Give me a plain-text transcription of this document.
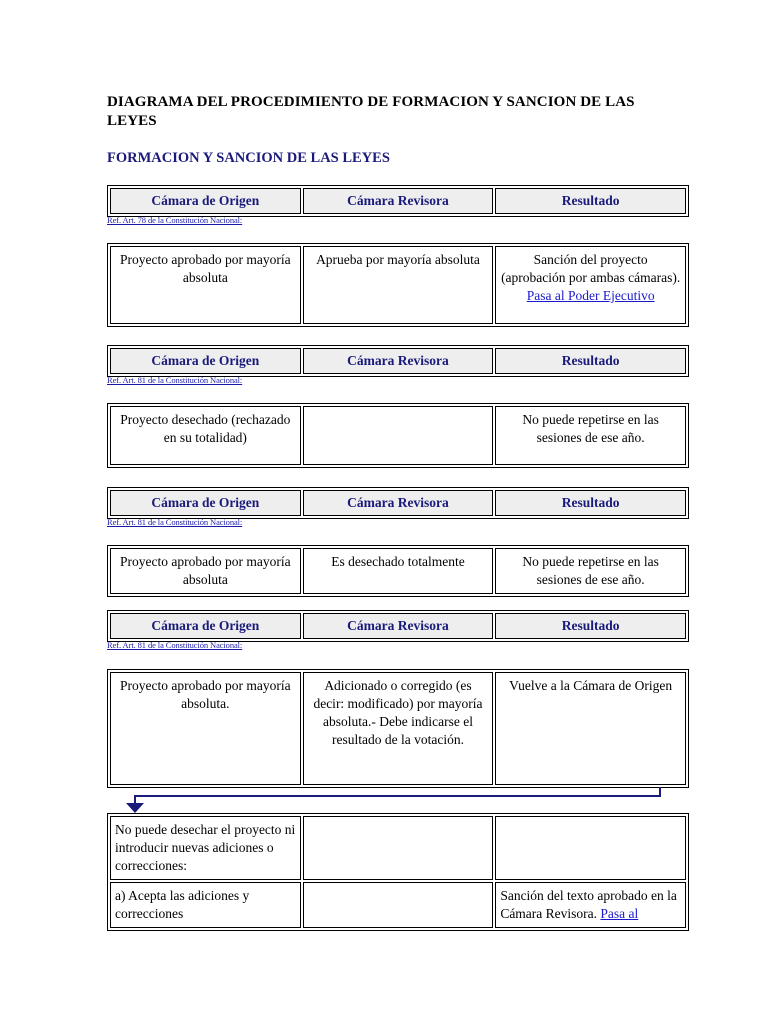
DIAGRAMA DEL PROCEDIMIENTO DE FORMACION Y SANCION DE LAS LEYES
FORMACION Y SANCION DE LAS LEYES
Cámara de Origen	Cámara Revisora	Resultado
Ref. Art. 78 de la Constitución Nacional:
Proyecto aprobado por mayoría absoluta	Aprueba por mayoría absoluta	Sanción del proyecto (aprobación por ambas cámaras). Pasa al Poder Ejecutivo
Cámara de Origen	Cámara Revisora	Resultado
Ref. Art. 81 de la Constitución Nacional:
Proyecto desechado (rechazado en su totalidad)		No puede repetirse en las sesiones de ese año.
Cámara de Origen	Cámara Revisora	Resultado
Ref. Art. 81 de la Constitución Nacional:
Proyecto aprobado por mayoría absoluta	Es desechado totalmente	No puede repetirse en las sesiones de ese año.
Cámara de Origen	Cámara Revisora	Resultado
Ref. Art. 81 de la Constitución Nacional:
Proyecto aprobado por mayoría absoluta.	Adicionado o corregido (es decir: modificado) por mayoría absoluta.- Debe indicarse el resultado de la votación.	Vuelve a la Cámara de Origen
No puede desechar el proyecto ni introducir nuevas adiciones o correcciones:		
a) Acepta las adiciones y correcciones		Sanción del texto aprobado en la Cámara Revisora. Pasa al
